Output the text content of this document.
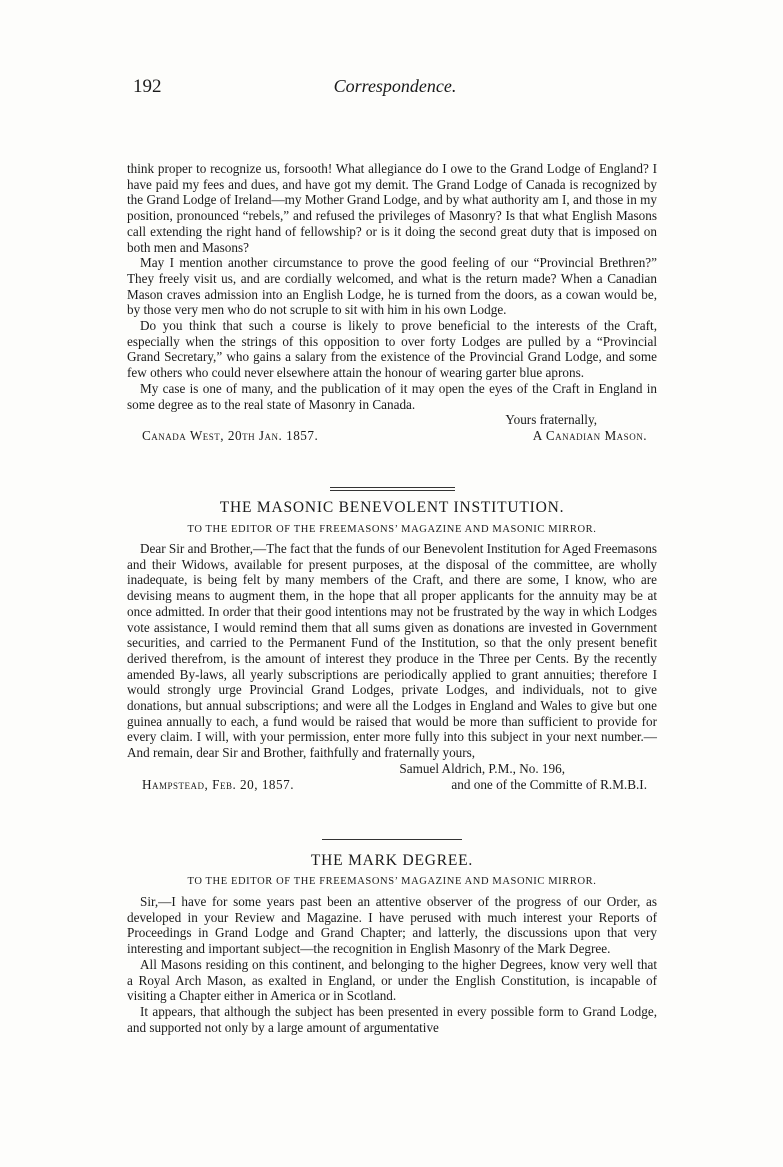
192	Correspondence.

think proper to recognize us, forsooth! What allegiance do I owe to the Grand Lodge of England? I have paid my fees and dues, and have got my demit. The Grand Lodge of Canada is recognized by the Grand Lodge of Ireland—my Mother Grand Lodge, and by what authority am I, and those in my position, pronounced “rebels,” and refused the privileges of Masonry? Is that what English Masons call extending the right hand of fellowship? or is it doing the second great duty that is imposed on both men and Masons?

May I mention another circumstance to prove the good feeling of our “Provincial Brethren?” They freely visit us, and are cordially welcomed, and what is the return made? When a Canadian Mason craves admission into an English Lodge, he is turned from the doors, as a cowan would be, by those very men who do not scruple to sit with him in his own Lodge.

Do you think that such a course is likely to prove beneficial to the interests of the Craft, especially when the strings of this opposition to over forty Lodges are pulled by a “Provincial Grand Secretary,” who gains a salary from the existence of the Provincial Grand Lodge, and some few others who could never elsewhere attain the honour of wearing garter blue aprons.

My case is one of many, and the publication of it may open the eyes of the Craft in England in some degree as to the real state of Masonry in Canada.

Yours fraternally,

Canada West, 20th Jan. 1857.	A Canadian Mason.
THE MASONIC BENEVOLENT INSTITUTION.
TO THE EDITOR OF THE FREEMASONS’ MAGAZINE AND MASONIC MIRROR.

Dear Sir and Brother,—The fact that the funds of our Benevolent Institution for Aged Freemasons and their Widows, available for present purposes, at the disposal of the committee, are wholly inadequate, is being felt by many members of the Craft, and there are some, I know, who are devising means to augment them, in the hope that all proper applicants for the annuity may be at once admitted. In order that their good intentions may not be frustrated by the way in which Lodges vote assistance, I would remind them that all sums given as donations are invested in Government securities, and carried to the Permanent Fund of the Institution, so that the only present benefit derived therefrom, is the amount of interest they produce in the Three per Cents. By the recently amended By-laws, all yearly subscriptions are periodically applied to grant annuities; therefore I would strongly urge Provincial Grand Lodges, private Lodges, and individuals, not to give donations, but annual subscriptions; and were all the Lodges in England and Wales to give but one guinea annually to each, a fund would be raised that would be more than sufficient to provide for every claim. I will, with your permission, enter more fully into this subject in your next number.—And remain, dear Sir and Brother, faithfully and fraternally yours,

Samuel Aldrich, P.M., No. 196,

Hampstead, Feb. 20, 1857.	and one of the Committe of R.M.B.I.
THE MARK DEGREE.
TO THE EDITOR OF THE FREEMASONS’ MAGAZINE AND MASONIC MIRROR.

Sir,—I have for some years past been an attentive observer of the progress of our Order, as developed in your Review and Magazine. I have perused with much interest your Reports of Proceedings in Grand Lodge and Grand Chapter; and latterly, the discussions upon that very interesting and important subject—the recognition in English Masonry of the Mark Degree.

All Masons residing on this continent, and belonging to the higher Degrees, know very well that a Royal Arch Mason, as exalted in England, or under the English Constitution, is incapable of visiting a Chapter either in America or in Scotland.

It appears, that although the subject has been presented in every possible form to Grand Lodge, and supported not only by a large amount of argumentative
